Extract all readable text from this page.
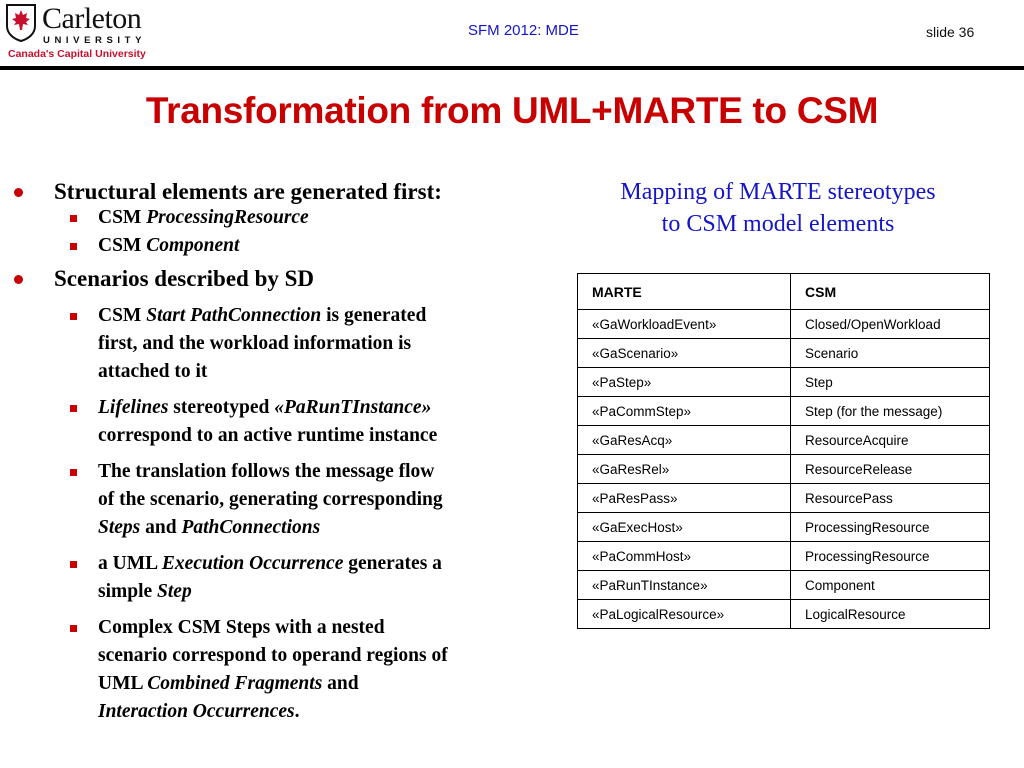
Carleton
UNIVERSITY
Canada's Capital University
SFM 2012: MDE	slide 36
Transformation from UML+MARTE to CSM
Structural elements are generated first:
CSM ProcessingResource
CSM Component
Scenarios described by SD
CSM Start PathConnection is generated
first, and the workload information is
attached to it
Lifelines stereotyped «PaRunTInstance»
correspond to an active runtime instance
The translation follows the message flow
of the scenario, generating corresponding
Steps and PathConnections
a UML Execution Occurrence generates a
simple Step
Complex CSM Steps with a nested
scenario correspond to operand regions of
UML Combined Fragments and
Interaction Occurrences.
Mapping of MARTE stereotypes
to CSM model elements
MARTE	CSM
«GaWorkloadEvent»	Closed/OpenWorkload
«GaScenario»	Scenario
«PaStep»	Step
«PaCommStep»	Step (for the message)
«GaResAcq»	ResourceAcquire
«GaResRel»	ResourceRelease
«PaResPass»	ResourcePass
«GaExecHost»	ProcessingResource
«PaCommHost»	ProcessingResource
«PaRunTInstance»	Component
«PaLogicalResource»	LogicalResource
